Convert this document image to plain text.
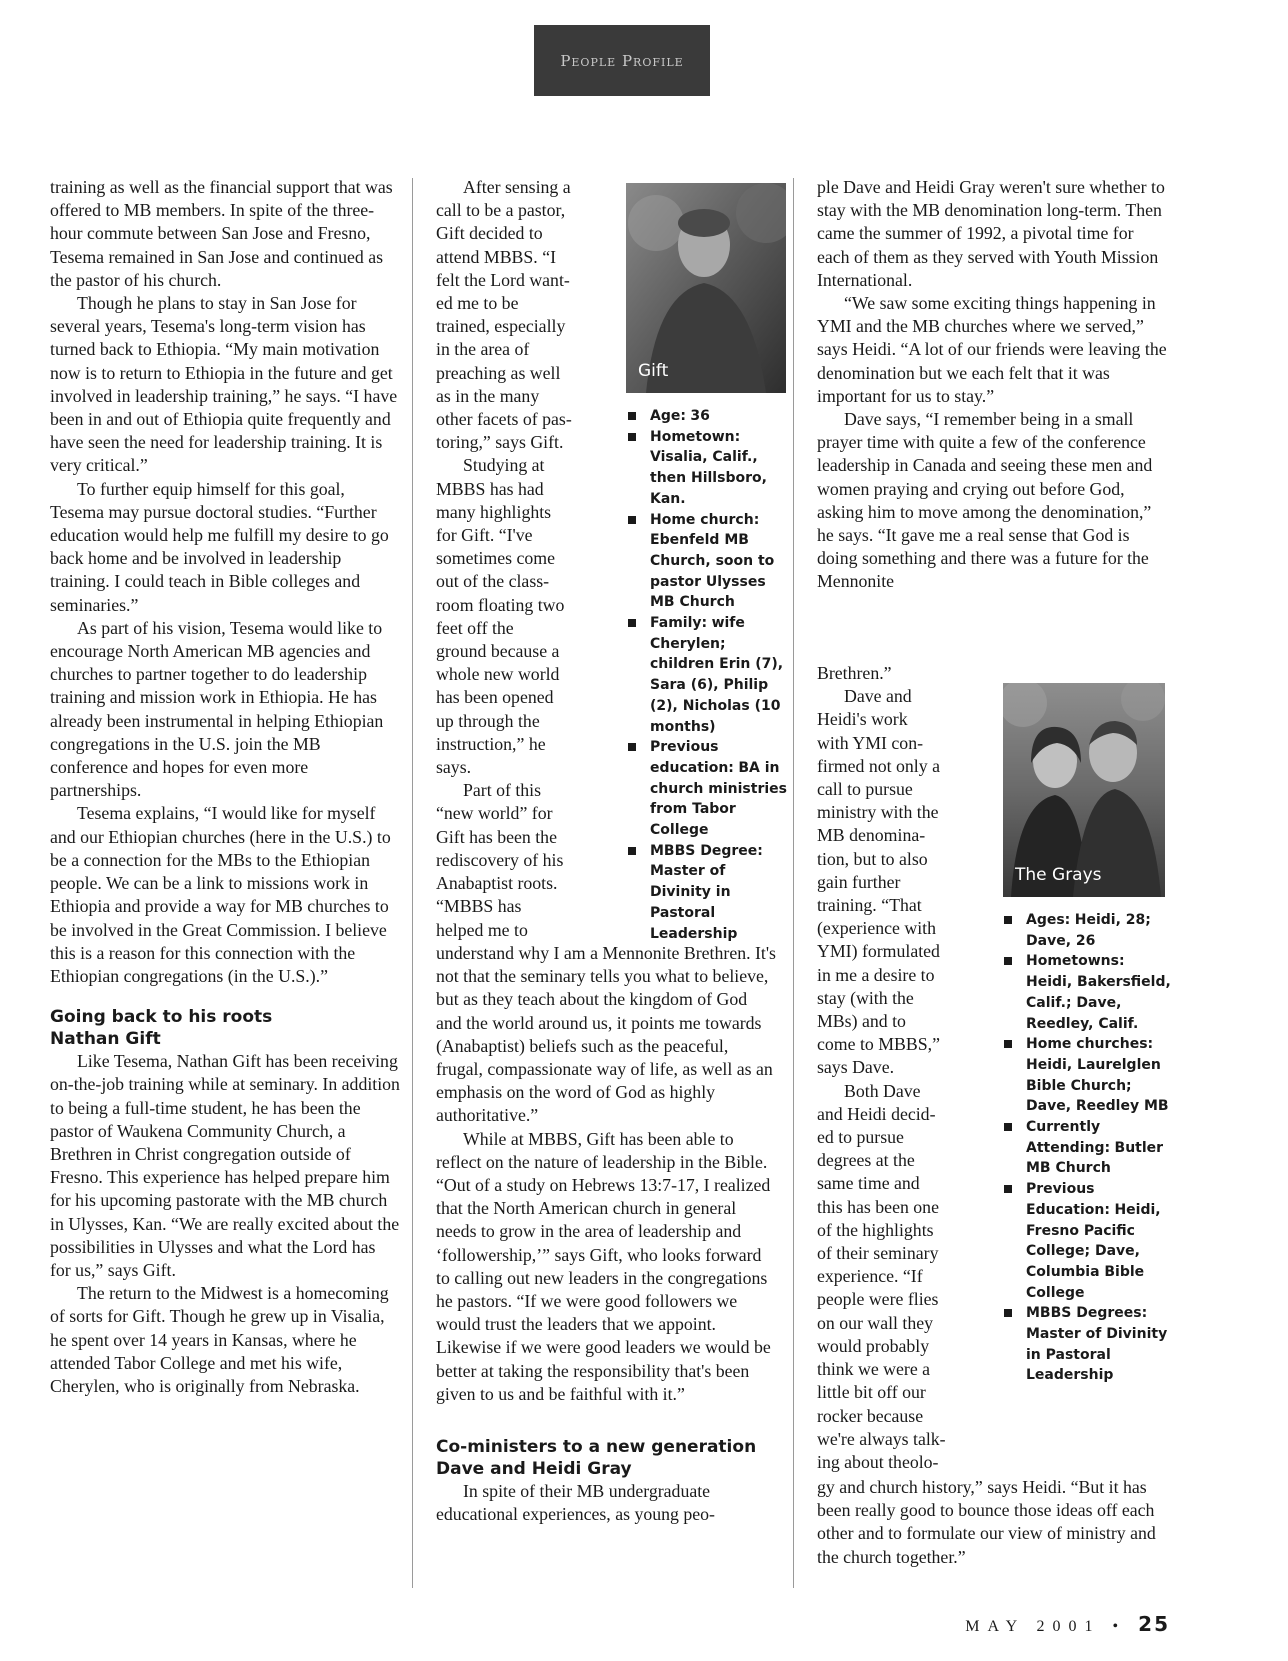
People Profile

training as well as the financial support that was offered to MB members. In spite of the three-hour commute between San Jose and Fresno, Tesema remained in San Jose and continued as the pastor of his church.

Though he plans to stay in San Jose for several years, Tesema's long-term vision has turned back to Ethiopia. “My main motivation now is to return to Ethiopia in the future and get involved in leadership training,” he says. “I have been in and out of Ethiopia quite frequently and have seen the need for leadership training. It is very critical.”

To further equip himself for this goal, Tesema may pursue doctoral studies. “Further education would help me fulfill my desire to go back home and be involved in leadership training. I could teach in Bible colleges and seminaries.”

As part of his vision, Tesema would like to encourage North American MB agencies and churches to partner together to do leadership training and mission work in Ethiopia. He has already been instrumental in helping Ethiopian congregations in the U.S. join the MB conference and hopes for even more partnerships.

Tesema explains, “I would like for myself and our Ethiopian churches (here in the U.S.) to be a connection for the MBs to the Ethiopian people. We can be a link to missions work in Ethiopia and provide a way for MB churches to be involved in the Great Commission. I believe this is a reason for this connection with the Ethiopian congregations (in the U.S.).”

Going back to his roots
Nathan Gift

Like Tesema, Nathan Gift has been receiving on-the-job training while at seminary. In addition to being a full-time student, he has been the pastor of Waukena Community Church, a Brethren in Christ congregation outside of Fresno. This experience has helped prepare him for his upcoming pastorate with the MB church in Ulysses, Kan. “We are really excited about the possibilities in Ulysses and what the Lord has for us,” says Gift.

The return to the Midwest is a homecoming of sorts for Gift. Though he grew up in Visalia, he spent over 14 years in Kansas, where he attended Tabor College and met his wife, Cherylen, who is originally from Nebraska.

After sensing a
call to be a pastor,
Gift decided to
attend MBBS. “I
felt the Lord want-
ed me to be
trained, especially
in the area of
preaching as well
as in the many
other facets of pas-
toring,” says Gift.
Studying at
MBBS has had
many highlights
for Gift. “I've
sometimes come
out of the class-
room floating two
feet off the
ground because a
whole new world
has been opened
up through the
instruction,” he
says.
Part of this
“new world” for
Gift has been the
rediscovery of his
Anabaptist roots.
“MBBS has
helped me to

understand why I am a Mennonite Brethren. It's not that the seminary tells you what to believe, but as they teach about the kingdom of God and the world around us, it points me towards (Anabaptist) beliefs such as the peaceful, frugal, compassionate way of life, as well as an emphasis on the word of God as highly authoritative.”

While at MBBS, Gift has been able to reflect on the nature of leadership in the Bible. “Out of a study on Hebrews 13:7-17, I realized that the North American church in general needs to grow in the area of leadership and ‘followership,’” says Gift, who looks forward to calling out new leaders in the congregations he pastors. “If we were good followers we would trust the leaders that we appoint. Likewise if we were good leaders we would be better at taking the responsibility that's been given to us and be faithful with it.”

Co-ministers to a new generation
Dave and Heidi Gray

In spite of their MB undergraduate educational experiences, as young peo-

Gift
Age: 36
Hometown: Visalia, Calif., then Hillsboro, Kan.
Home church: Ebenfeld MB Church, soon to pastor Ulysses MB Church
Family: wife Cherylen; children Erin (7), Sara (6), Philip (2), Nicholas (10 months)
Previous education: BA in church ministries from Tabor College
MBBS Degree: Master of Divinity in Pastoral Leadership

ple Dave and Heidi Gray weren't sure whether to stay with the MB denomination long-term. Then came the summer of 1992, a pivotal time for each of them as they served with Youth Mission International.

“We saw some exciting things happening in YMI and the MB churches where we served,” says Heidi. “A lot of our friends were leaving the denomination but we each felt that it was important for us to stay.”

Dave says, “I remember being in a small prayer time with quite a few of the conference leadership in Canada and seeing these men and women praying and crying out before God, asking him to move among the denomination,” he says. “It gave me a real sense that God is doing something and there was a future for the Mennonite

Brethren.”
Dave and
Heidi's work
with YMI con-
firmed not only a
call to pursue
ministry with the
MB denomina-
tion, but to also
gain further
training. “That
(experience with
YMI) formulated
in me a desire to
stay (with the
MBs) and to
come to MBBS,”
says Dave.
Both Dave
and Heidi decid-
ed to pursue
degrees at the
same time and
this has been one
of the highlights
of their seminary
experience. “If
people were flies
on our wall they
would probably
think we were a
little bit off our
rocker because
we're always talk-
ing about theolo-

gy and church history,” says Heidi. “But it has been really good to bounce those ideas off each other and to formulate our view of ministry and the church together.”

The Grays
Ages: Heidi, 28; Dave, 26
Hometowns: Heidi, Bakersfield, Calif.; Dave, Reedley, Calif.
Home churches: Heidi, Laurelglen Bible Church; Dave, Reedley MB
Currently Attending: Butler MB Church
Previous Education: Heidi, Fresno Pacific College; Dave, Columbia Bible College
MBBS Degrees: Master of Divinity in Pastoral Leadership
MAY 2001 • 25
